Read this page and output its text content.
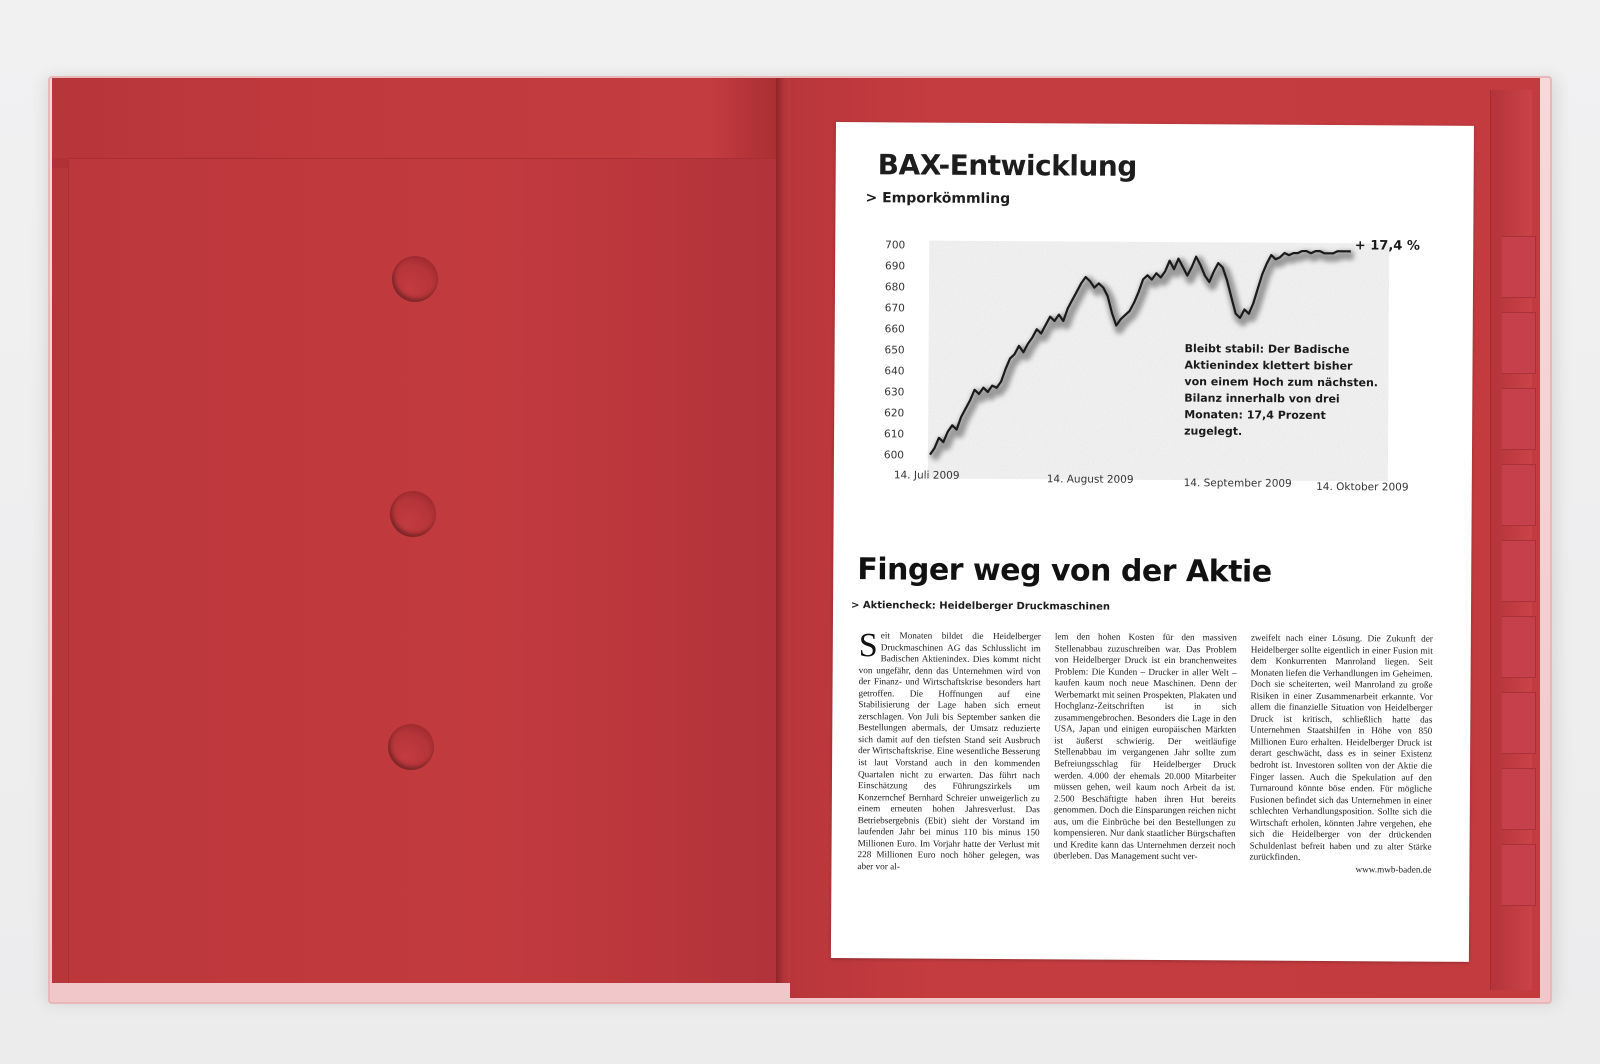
BAX-Entwicklung
> Emporkömmling
600
610
620
630
640
650
660
670
680
690
700
14. Juli 2009	14. August 2009	14. September 2009 14. Oktober 2009
+ 17,4 %
Bleibt stabil: Der Badische
Aktienindex klettert bisher
von einem Hoch zum nächsten.
Bilanz innerhalb von drei
Monaten: 17,4 Prozent
zugelegt.
Finger weg von der Aktie
> Aktiencheck: Heidelberger Druckmaschinen
Seit Monaten bildet die Heidelberger Druckmaschinen AG das Schlusslicht im Badischen Aktienindex. Dies kommt nicht von ungefähr, denn das Unternehmen wird von der Finanz- und Wirtschaftskrise besonders hart getroffen. Die Hoffnungen auf eine Stabilisierung der Lage haben sich erneut zerschlagen. Von Juli bis September sanken die Bestellungen abermals, der Umsatz reduzierte sich damit auf den tiefsten Stand seit Ausbruch der Wirtschaftskrise. Eine wesentliche Besserung ist laut Vorstand auch in den kommenden Quartalen nicht zu erwarten. Das führt nach Einschätzung des Führungszirkels um Konzernchef Bernhard Schreier unweigerlich zu einem erneuten hohen Jahresverlust. Das Betriebsergebnis (Ebit) sieht der Vorstand im laufenden Jahr bei minus 110 bis minus 150 Millionen Euro. Im Vorjahr hatte der Verlust mit 228 Millionen Euro noch höher gelegen, was aber vor al-
lem den hohen Kosten für den massiven Stellenabbau zuzuschreiben war. Das Problem von Heidelberger Druck ist ein branchenweites Problem: Die Kunden – Drucker in aller Welt – kaufen kaum noch neue Maschinen. Denn der Werbemarkt mit seinen Prospekten, Plakaten und Hochglanz-Zeitschriften ist in sich zusammengebrochen. Besonders die Lage in den USA, Japan und einigen europäischen Märkten ist äußerst schwierig. Der weitläufige Stellenabbau im vergangenen Jahr sollte zum Befreiungsschlag für Heidelberger Druck werden. 4.000 der ehemals 20.000 Mitarbeiter müssen gehen, weil kaum noch Arbeit da ist. 2.500 Beschäftigte haben ihren Hut bereits genommen. Doch die Einsparungen reichen nicht aus, um die Einbrüche bei den Bestellungen zu kompensieren. Nur dank staatlicher Bürgschaften und Kredite kann das Unternehmen derzeit noch überleben. Das Management sucht ver-
zweifelt nach einer Lösung. Die Zukunft der Heidelberger sollte eigentlich in einer Fusion mit dem Konkurrenten Manroland liegen. Seit Monaten liefen die Verhandlungen im Geheimen. Doch sie scheiterten, weil Manroland zu große Risiken in einer Zusammenarbeit erkannte. Vor allem die finanzielle Situation von Heidelberger Druck ist kritisch, schließlich hatte das Unternehmen Staatshilfen in Höhe von 850 Millionen Euro erhalten. Heidelberger Druck ist derart geschwächt, dass es in seiner Existenz bedroht ist. Investoren sollten von der Aktie die Finger lassen. Auch die Spekulation auf den Turnaround könnte böse enden. Für mögliche Fusionen befindet sich das Unternehmen in einer schlechten Verhandlungsposition. Sollte sich die Wirtschaft erholen, könnten Jahre vergehen, ehe sich die Heidelberger von der drückenden Schuldenlast befreit haben und zu alter Stärke zurückfinden.
www.mwb-baden.de
